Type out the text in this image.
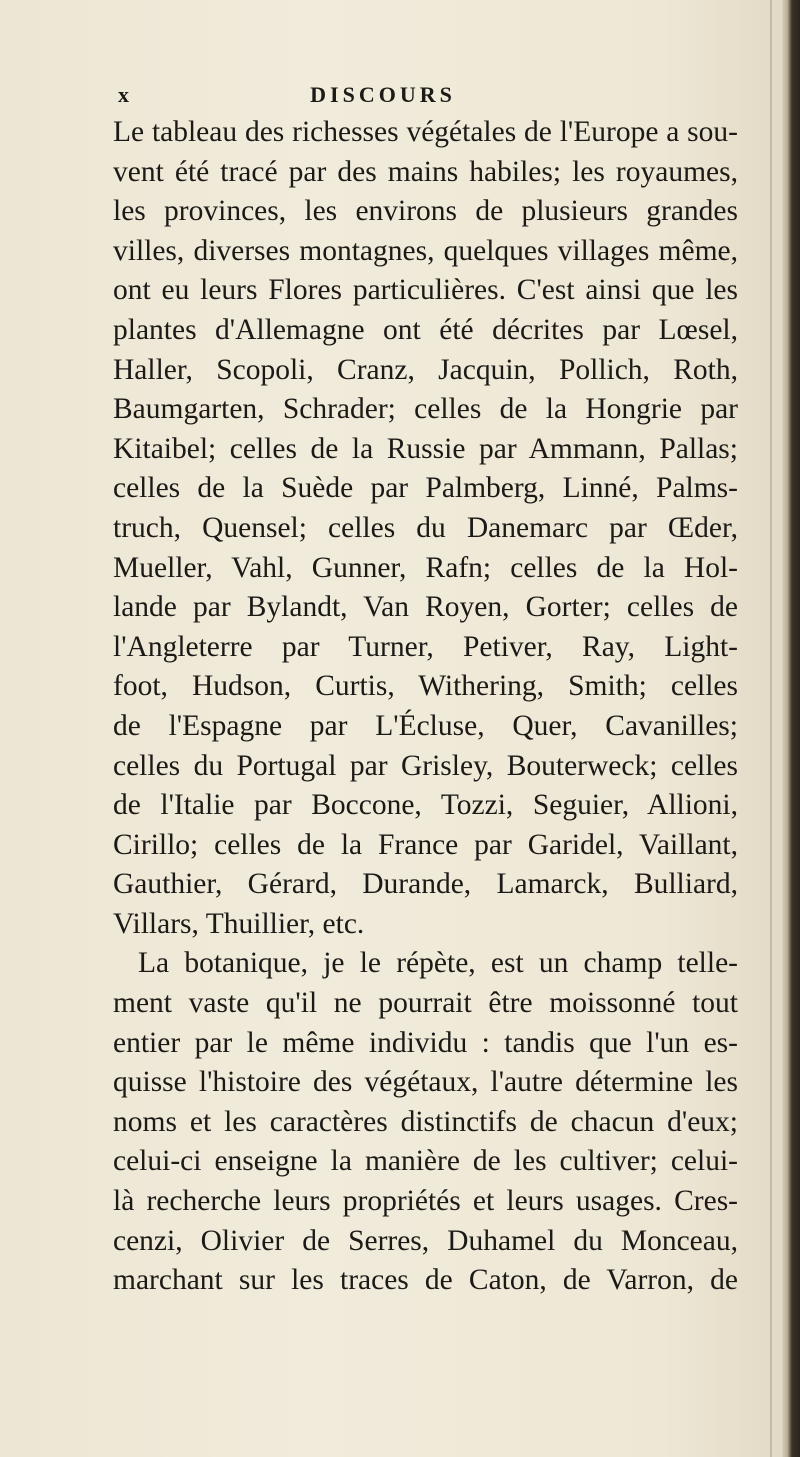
x	DISCOURS
Le tableau des richesses végétales de l'Europe a sou-
vent été tracé par des mains habiles; les royaumes,
les provinces, les environs de plusieurs grandes
villes, diverses montagnes, quelques villages même,
ont eu leurs Flores particulières. C'est ainsi que les
plantes d'Allemagne ont été décrites par Lœsel,
Haller, Scopoli, Cranz, Jacquin, Pollich, Roth,
Baumgarten, Schrader; celles de la Hongrie par
Kitaibel; celles de la Russie par Ammann, Pallas;
celles de la Suède par Palmberg, Linné, Palms-
truch, Quensel; celles du Danemarc par Œder,
Mueller, Vahl, Gunner, Rafn; celles de la Hol-
lande par Bylandt, Van Royen, Gorter; celles de
l'Angleterre par Turner, Petiver, Ray, Light-
foot, Hudson, Curtis, Withering, Smith; celles
de l'Espagne par L'Écluse, Quer, Cavanilles;
celles du Portugal par Grisley, Bouterweck; celles
de l'Italie par Boccone, Tozzi, Seguier, Allioni,
Cirillo; celles de la France par Garidel, Vaillant,
Gauthier, Gérard, Durande, Lamarck, Bulliard,
Villars, Thuillier, etc.
La botanique, je le répète, est un champ telle-
ment vaste qu'il ne pourrait être moissonné tout
entier par le même individu : tandis que l'un es-
quisse l'histoire des végétaux, l'autre détermine les
noms et les caractères distinctifs de chacun d'eux;
celui-ci enseigne la manière de les cultiver; celui-
là recherche leurs propriétés et leurs usages. Cres-
cenzi, Olivier de Serres, Duhamel du Monceau,
marchant sur les traces de Caton, de Varron, de
